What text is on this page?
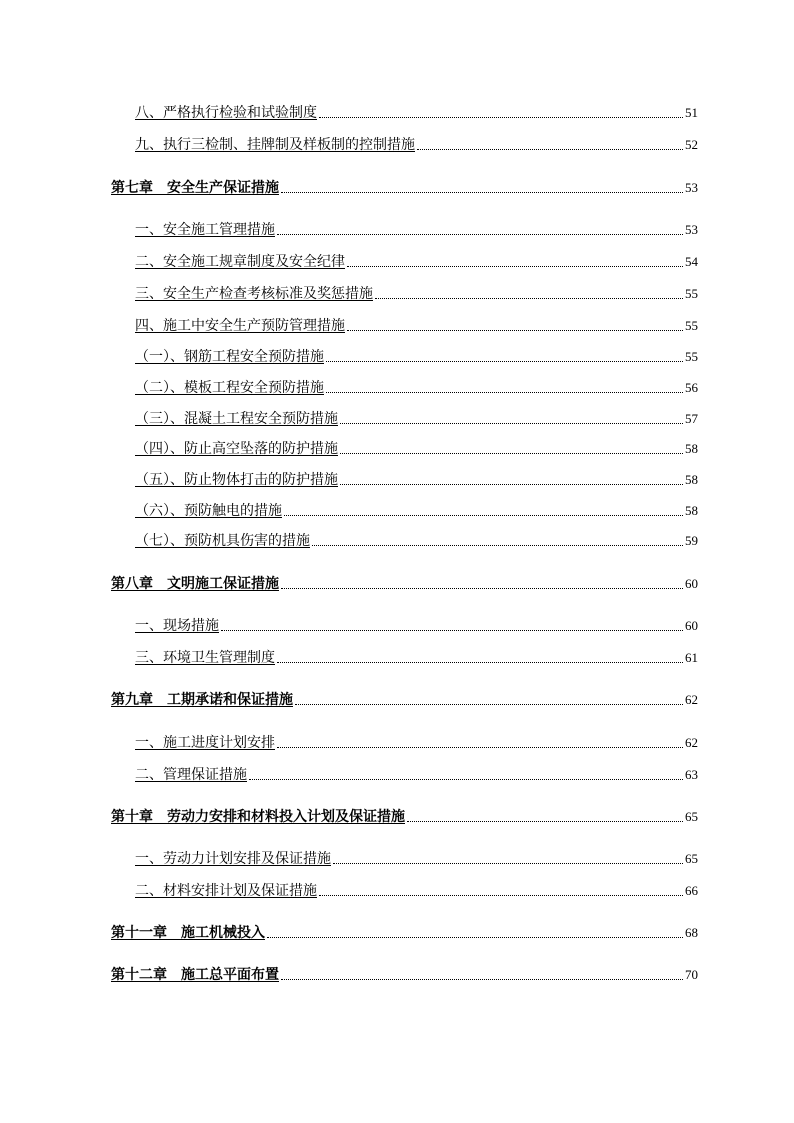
八、严格执行检验和试验制度	51
九、执行三检制、挂牌制及样板制的控制措施	52
第七章　安全生产保证措施	53
一、安全施工管理措施	53
二、安全施工规章制度及安全纪律	54
三、安全生产检查考核标准及奖惩措施	55
四、施工中安全生产预防管理措施	55
（一）、钢筋工程安全预防措施	55
（二）、模板工程安全预防措施	56
（三）、混凝土工程安全预防措施	57
（四）、防止高空坠落的防护措施	58
（五）、防止物体打击的防护措施	58
（六）、预防触电的措施	58
（七）、预防机具伤害的措施	59
第八章　文明施工保证措施	60
一、现场措施	60
三、环境卫生管理制度	61
第九章　工期承诺和保证措施	62
一、施工进度计划安排	62
二、管理保证措施	63
第十章　劳动力安排和材料投入计划及保证措施	65
一、劳动力计划安排及保证措施	65
二、材料安排计划及保证措施	66
第十一章　施工机械投入	68
第十二章　施工总平面布置	70
